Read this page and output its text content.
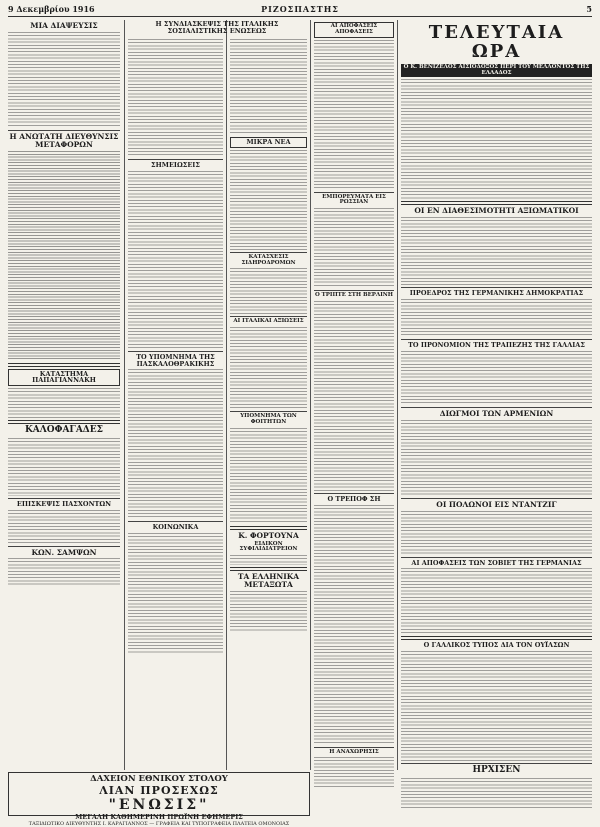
9 Δεκεμβρίου 1916	ΡΙΖΟΣΠΑΣΤΗΣ	5
ΜΙΑ ΔΙΑΨΕΥΣΙΣ
Η ΑΝΩΤΑΤΗ ΔΙΕΥΘΥΝΣΙΣ ΜΕΤΑΦΟΡΩΝ
ΚΑΤΑΣΤΗΜΑ ΠΑΠΑΓΙΑΝΝΑΚΗ
ΚΑΛΟΦΑΓΑΔΕΣ
ΕΠΙΣΚΕΨΙΣ ΠΑΣΧΟΝΤΩΝ
ΚΩΝ. ΣΑΜΨΩΝ
Η ΣΥΝΔΙΑΣΚΕΨΙΣ ΤΗΣ ΙΤΑΛΙΚΗΣ ΣΟΣΙΑΛΙΣΤΙΚΗΣ ΕΝΩΣΕΩΣ
ΣΗΜΕΙΩΣΕΙΣ
ΤΟ ΥΠΟΜΝΗΜΑ ΤΗΣ ΠΑΣΚΑΛΟΘΡΑΚΙΚΗΣ
ΚΟΙΝΩΝΙΚΑ
ΜΙΚΡΑ ΝΕΑ
ΚΑΤΑΣΧΕΣΙΣ ΣΙΔΗΡΟΔΡΟΜΩΝ
ΑΙ ΙΤΑΛΙΚΑΙ ΑΞΙΩΣΕΙΣ
ΥΠΟΜΝΗΜΑ ΤΩΝ ΦΟΙΤΗΤΩΝ
Κ. ΦΟΡΤΟΥΝΑ
ΕΙΔΙΚΟΝ ΣΥΦΙΛΙΔΙΑΤΡΕΙΟΝ
ΤΑ ΕΛΛΗΝΙΚΑ ΜΕΤΑΞΩΤΑ
ΑΙ ΑΠΟΦΑΣΕΙΣ ΑΠΟΦΑΣΕΙΣ
ΕΜΠΟΡΕΥΜΑΤΑ ΕΙΣ ΡΩΣΣΙΑΝ
Ο ΤΡΙΠΤΕ ΣΤΗ ΒΕΡΛΙΝΗ
Ο ΤΡΕΠΟΦ ΣΗ
Η ΑΝΑΧΩΡΗΣΙΣ
ΤΕΛΕΥΤΑΙΑ ΩΡΑ
Ο Κ. ΒΕΝΙΖΕΛΟΣ ΑΙΣΙΟΔΟΞΟΣ ΠΕΡΙ ΤΟΥ ΜΕΛΛΟΝΤΟΣ ΤΗΣ ΕΛΛΑΔΟΣ
ΟΙ ΕΝ ΔΙΑΘΕΣΙΜΟΤΗΤΙ ΑΞΙΩΜΑΤΙΚΟΙ
ΠΡΟΕΔΡΟΣ ΤΗΣ ΓΕΡΜΑΝΙΚΗΣ ΔΗΜΟΚΡΑΤΙΑΣ
ΤΟ ΠΡΟΝΟΜΙΟΝ ΤΗΣ ΤΡΑΠΕΖΗΣ ΤΗΣ ΓΑΛΛΙΑΣ
ΔΙΩΓΜΟΙ ΤΩΝ ΑΡΜΕΝΙΩΝ
ΟΙ ΠΟΛΩΝΟΙ ΕΙΣ ΝΤΑΝΤΖΙΓ
ΑΙ ΑΠΟΦΑΣΕΙΣ ΤΩΝ ΣΟΒΙΕΤ ΤΗΣ ΓΕΡΜΑΝΙΑΣ
Ο ΓΑΛΛΙΚΟΣ ΤΥΠΟΣ ΔΙΑ ΤΟΝ ΟΥΪΛΣΩΝ
ΗΡΧΙΣΕΝ
ΔΑΧΕΙΟΝ ΕΘΝΙΚΟΥ ΣΤΟΛΟΥ
ΛΙΑΝ ΠΡΟΣΕΧΩΣ
"ΕΝΩΣΙΣ"
ΜΕΓΑΛΗ ΚΑΘΗΜΕΡΙΝΗ ΠΡΩΪΝΗ ΕΦΗΜΕΡΙΣ
ΤΑΞΙΔΙΩΤΙΚΟ ΔΙΕΥΘΥΝΤΗΣ Ι. ΚΑΡΑΓΙΑΝΝΟΣ — ΓΡΑΦΕΙΑ ΚΑΙ ΤΥΠΟΓΡΑΦΕΙΑ ΠΛΑΤΕΙΑ ΟΜΟΝΟΙΑΣ
